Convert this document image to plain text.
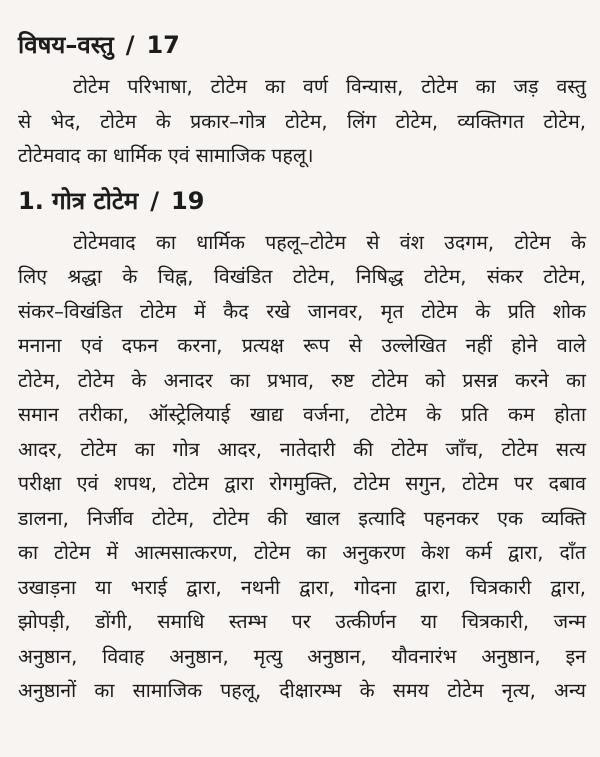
विषय–वस्तु / 17

टोटेम परिभाषा, टोटेम का वर्ण विन्यास, टोटेम का जड़ वस्तु
से भेद, टोटेम के प्रकार–गोत्र टोटेम, लिंग टोटेम, व्यक्तिगत टोटेम,
टोटेमवाद का धार्मिक एवं सामाजिक पहलू।

1. गोत्र टोटेम / 19

टोटेमवाद का धार्मिक पहलू–टोटेम से वंश उदगम, टोटेम के
लिए श्रद्धा के चिह्न, विखंडित टोटेम, निषिद्ध टोटेम, संकर टोटेम,
संकर–विखंडित टोटेम में कैद रखे जानवर, मृत टोटेम के प्रति शोक
मनाना एवं दफन करना, प्रत्यक्ष रूप से उल्लेखित नहीं होने वाले
टोटेम, टोटेम के अनादर का प्रभाव, रुष्ट टोटेम को प्रसन्न करने का
समान तरीका, ऑस्ट्रेलियाई खाद्य वर्जना, टोटेम के प्रति कम होता
आदर, टोटेम का गोत्र आदर, नातेदारी की टोटेम जाँच, टोटेम सत्य
परीक्षा एवं शपथ, टोटेम द्वारा रोगमुक्ति, टोटेम सगुन, टोटेम पर दबाव
डालना, निर्जीव टोटेम, टोटेम की खाल इत्यादि पहनकर एक व्यक्ति
का टोटेम में आत्मसात्करण, टोटेम का अनुकरण केश कर्म द्वारा, दाँत
उखाड़ना या भराई द्वारा, नथनी द्वारा, गोदना द्वारा, चित्रकारी द्वारा,
झोपड़ी, डोंगी, समाधि स्तम्भ पर उत्कीर्णन या चित्रकारी, जन्म
अनुष्ठान, विवाह अनुष्ठान, मृत्यु अनुष्ठान, यौवनारंभ अनुष्ठान, इन
अनुष्ठानों का सामाजिक पहलू, दीक्षारम्भ के समय टोटेम नृत्य, अन्य
